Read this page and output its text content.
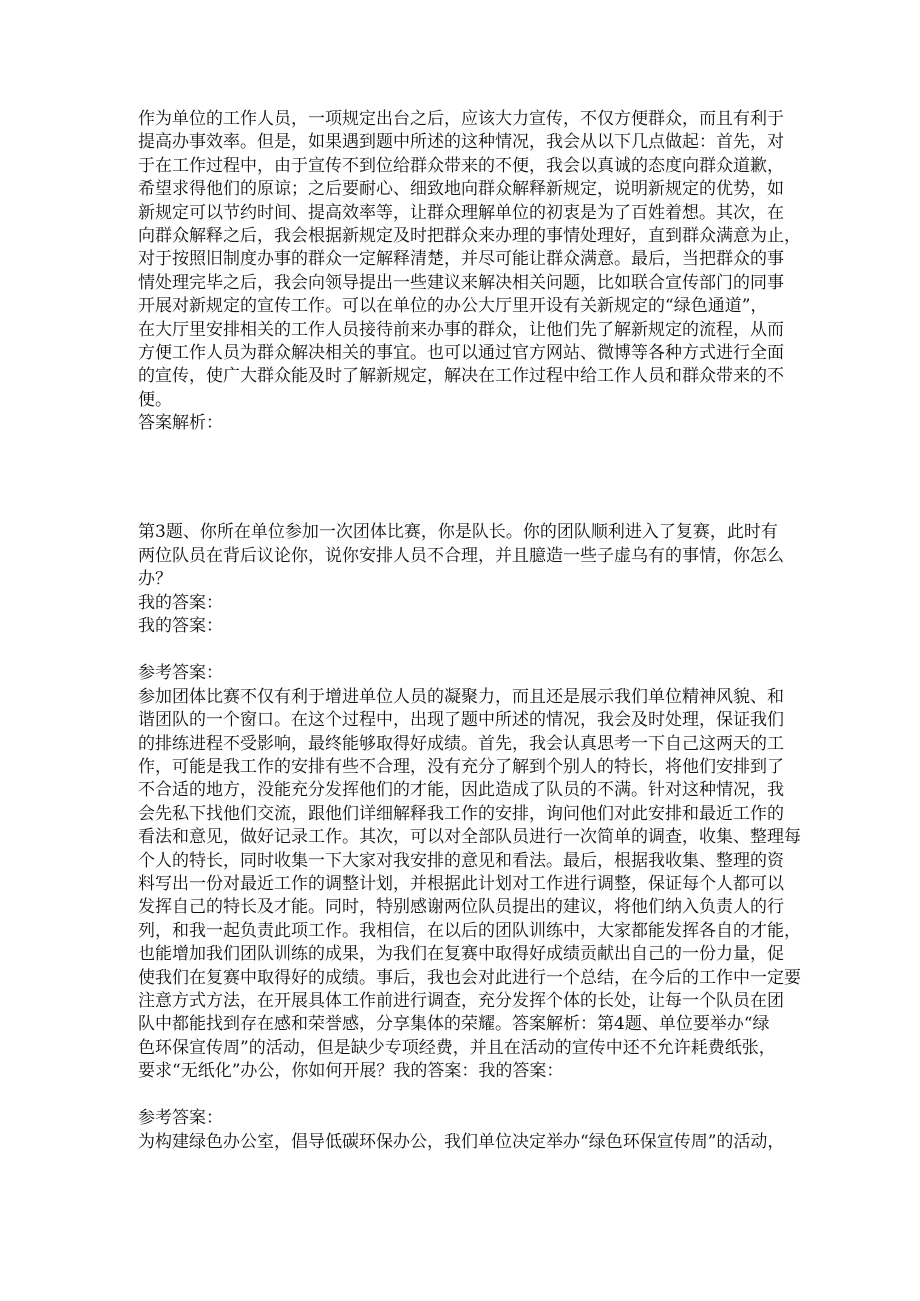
作为单位的工作人员，一项规定出台之后，应该大力宣传，不仅方便群众，而且有利于
提高办事效率。但是，如果遇到题中所述的这种情况，我会从以下几点做起：首先，对
于在工作过程中，由于宣传不到位给群众带来的不便，我会以真诚的态度向群众道歉，
希望求得他们的原谅；之后要耐心、细致地向群众解释新规定，说明新规定的优势，如
新规定可以节约时间、提高效率等，让群众理解单位的初衷是为了百姓着想。其次，在
向群众解释之后，我会根据新规定及时把群众来办理的事情处理好，直到群众满意为止，
对于按照旧制度办事的群众一定解释清楚，并尽可能让群众满意。最后，当把群众的事
情处理完毕之后，我会向领导提出一些建议来解决相关问题，比如联合宣传部门的同事
开展对新规定的宣传工作。可以在单位的办公大厅里开设有关新规定的“绿色通道”，
在大厅里安排相关的工作人员接待前来办事的群众，让他们先了解新规定的流程，从而
方便工作人员为群众解决相关的事宜。也可以通过官方网站、微博等各种方式进行全面
的宣传，使广大群众能及时了解新规定，解决在工作过程中给工作人员和群众带来的不
便。
答案解析：
第3题、你所在单位参加一次团体比赛，你是队长。你的团队顺利进入了复赛，此时有
两位队员在背后议论你，说你安排人员不合理，并且臆造一些子虚乌有的事情，你怎么
办？
我的答案：
我的答案：
参考答案：
参加团体比赛不仅有利于增进单位人员的凝聚力，而且还是展示我们单位精神风貌、和
谐团队的一个窗口。在这个过程中，出现了题中所述的情况，我会及时处理，保证我们
的排练进程不受影响，最终能够取得好成绩。首先，我会认真思考一下自己这两天的工
作，可能是我工作的安排有些不合理，没有充分了解到个别人的特长，将他们安排到了
不合适的地方，没能充分发挥他们的才能，因此造成了队员的不满。针对这种情况，我
会先私下找他们交流，跟他们详细解释我工作的安排，询问他们对此安排和最近工作的
看法和意见，做好记录工作。其次，可以对全部队员进行一次简单的调查，收集、整理每
个人的特长，同时收集一下大家对我安排的意见和看法。最后，根据我收集、整理的资
料写出一份对最近工作的调整计划，并根据此计划对工作进行调整，保证每个人都可以
发挥自己的特长及才能。同时，特别感谢两位队员提出的建议，将他们纳入负责人的行
列，和我一起负责此项工作。我相信，在以后的团队训练中，大家都能发挥各自的才能，
也能增加我们团队训练的成果，为我们在复赛中取得好成绩贡献出自己的一份力量，促
使我们在复赛中取得好的成绩。事后，我也会对此进行一个总结，在今后的工作中一定要
注意方式方法，在开展具体工作前进行调查，充分发挥个体的长处，让每一个队员在团
队中都能找到存在感和荣誉感，分享集体的荣耀。答案解析：第4题、单位要举办“绿
色环保宣传周”的活动，但是缺少专项经费，并且在活动的宣传中还不允许耗费纸张，
要求“无纸化”办公，你如何开展？我的答案：我的答案：
参考答案：
为构建绿色办公室，倡导低碳环保办公，我们单位决定举办“绿色环保宣传周”的活动，
